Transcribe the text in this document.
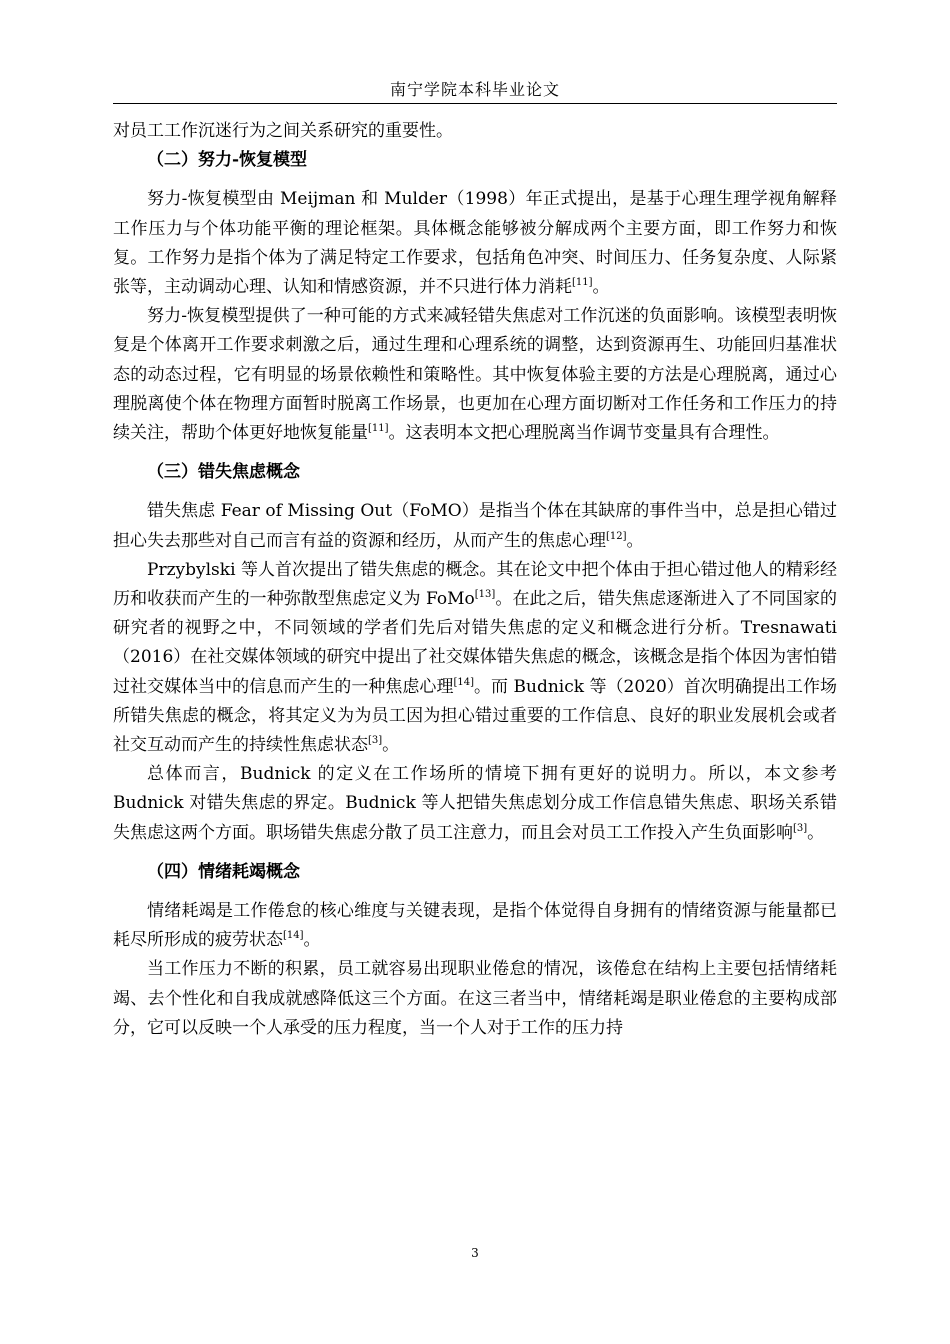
南宁学院本科毕业论文

对员工工作沉迷行为之间关系研究的重要性。

（二）努力-恢复模型

努力-恢复模型由 Meijman 和 Mulder（1998）年正式提出，是基于心理生理学视角解释工作压力与个体功能平衡的理论框架。具体概念能够被分解成两个主要方面，即工作努力和恢复。工作努力是指个体为了满足特定工作要求，包括角色冲突、时间压力、任务复杂度、人际紧张等，主动调动心理、认知和情感资源，并不只进行体力消耗[11]。

努力-恢复模型提供了一种可能的方式来减轻错失焦虑对工作沉迷的负面影响。该模型表明恢复是个体离开工作要求刺激之后，通过生理和心理系统的调整，达到资源再生、功能回归基准状态的动态过程，它有明显的场景依赖性和策略性。其中恢复体验主要的方法是心理脱离，通过心理脱离使个体在物理方面暂时脱离工作场景，也更加在心理方面切断对工作任务和工作压力的持续关注，帮助个体更好地恢复能量[11]。这表明本文把心理脱离当作调节变量具有合理性。

（三）错失焦虑概念

错失焦虑 Fear of Missing Out（FoMO）是指当个体在其缺席的事件当中，总是担心错过担心失去那些对自己而言有益的资源和经历，从而产生的焦虑心理[12]。

Przybylski 等人首次提出了错失焦虑的概念。其在论文中把个体由于担心错过他人的精彩经历和收获而产生的一种弥散型焦虑定义为 FoMo[13]。在此之后，错失焦虑逐渐进入了不同国家的研究者的视野之中，不同领域的学者们先后对错失焦虑的定义和概念进行分析。Tresnawati（2016）在社交媒体领域的研究中提出了社交媒体错失焦虑的概念，该概念是指个体因为害怕错过社交媒体当中的信息而产生的一种焦虑心理[14]。而 Budnick 等（2020）首次明确提出工作场所错失焦虑的概念，将其定义为为员工因为担心错过重要的工作信息、良好的职业发展机会或者社交互动而产生的持续性焦虑状态[3]。

总体而言，Budnick 的定义在工作场所的情境下拥有更好的说明力。所以，本文参考 Budnick 对错失焦虑的界定。Budnick 等人把错失焦虑划分成工作信息错失焦虑、职场关系错失焦虑这两个方面。职场错失焦虑分散了员工注意力，而且会对员工工作投入产生负面影响[3]。

（四）情绪耗竭概念

情绪耗竭是工作倦怠的核心维度与关键表现，是指个体觉得自身拥有的情绪资源与能量都已耗尽所形成的疲劳状态[14]。

当工作压力不断的积累，员工就容易出现职业倦怠的情况，该倦怠在结构上主要包括情绪耗竭、去个性化和自我成就感降低这三个方面。在这三者当中，情绪耗竭是职业倦怠的主要构成部分，它可以反映一个人承受的压力程度，当一个人对于工作的压力持

3
